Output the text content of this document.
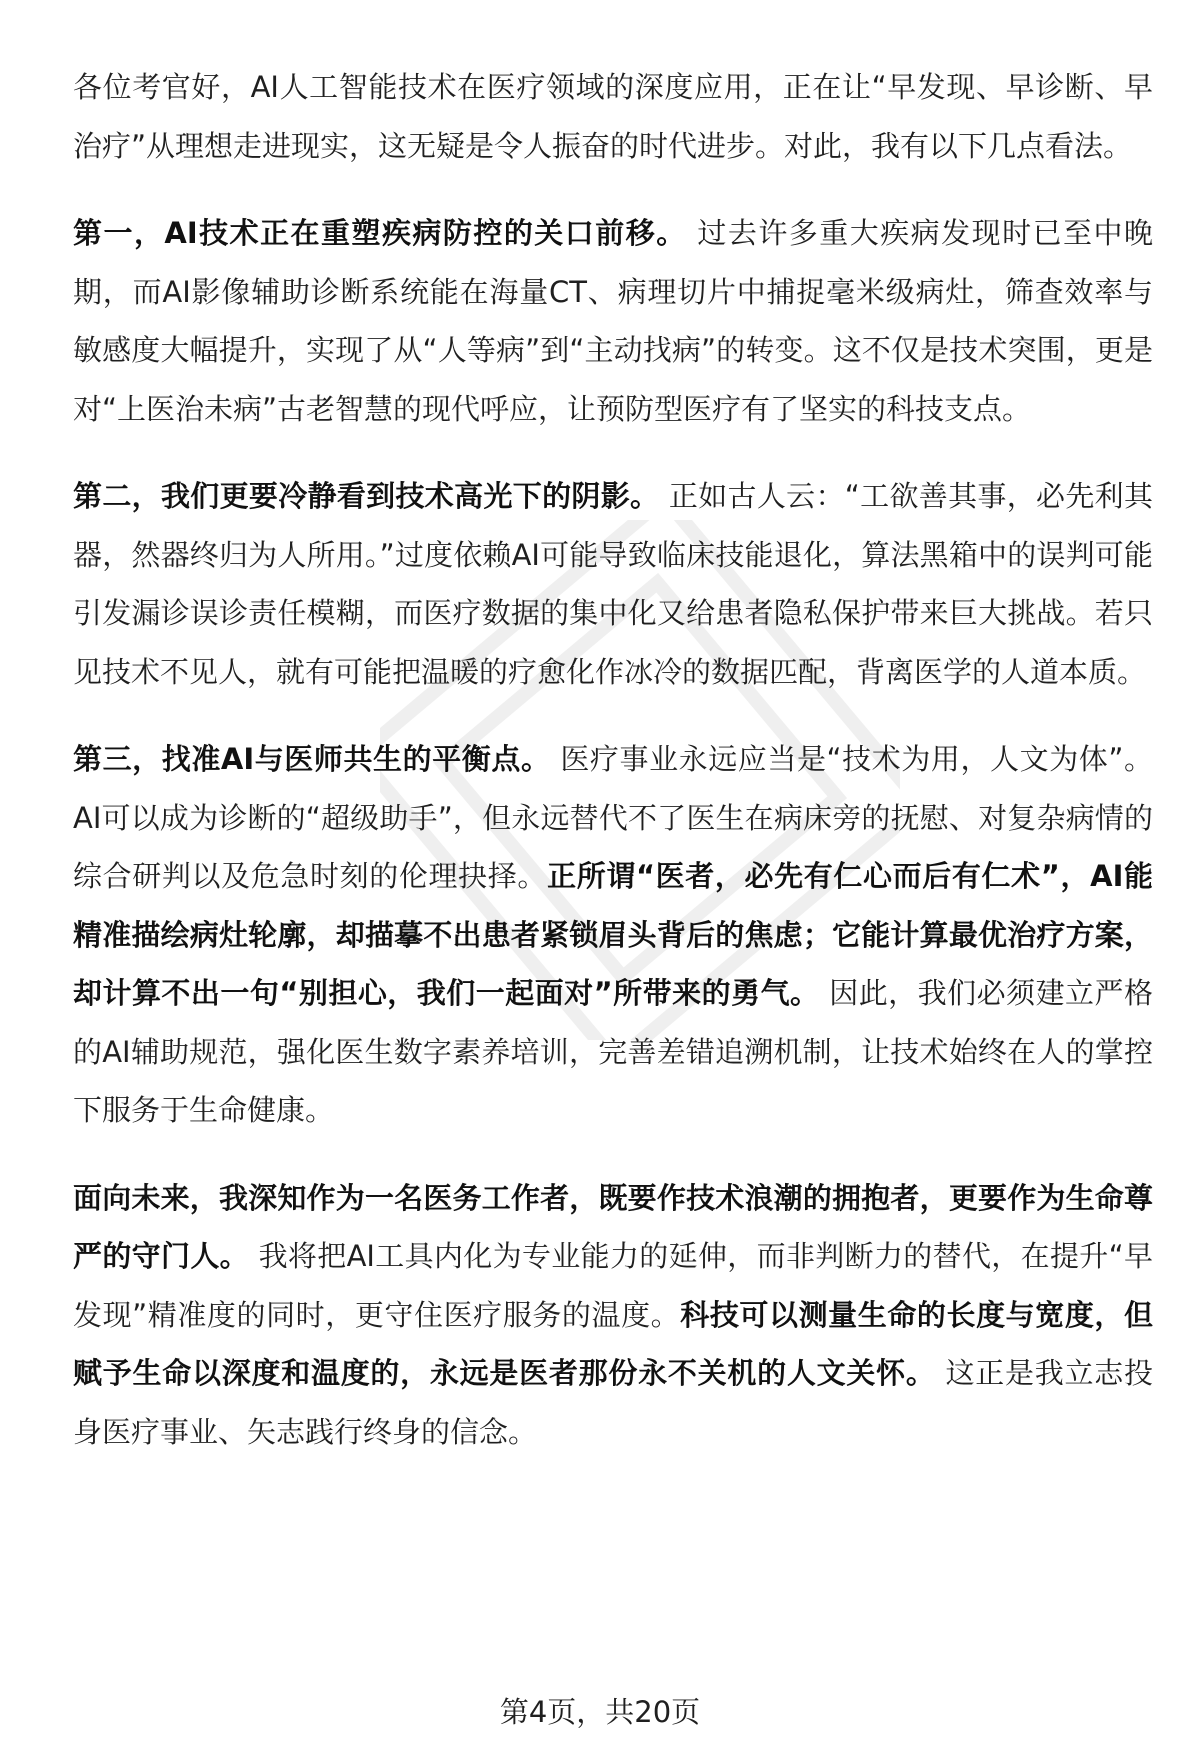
各位考官好，AI人工智能技术在医疗领域的深度应用，正在让“早发现、早诊断、早治疗”从理想走进现实，这无疑是令人振奋的时代进步。对此，我有以下几点看法。

第一，AI技术正在重塑疾病防控的关口前移。 过去许多重大疾病发现时已至中晚期，而AI影像辅助诊断系统能在海量CT、病理切片中捕捉毫米级病灶，筛查效率与敏感度大幅提升，实现了从“人等病”到“主动找病”的转变。这不仅是技术突围，更是对“上医治未病”古老智慧的现代呼应，让预防型医疗有了坚实的科技支点。

第二，我们更要冷静看到技术高光下的阴影。 正如古人云：“工欲善其事，必先利其器，然器终归为人所用。”过度依赖AI可能导致临床技能退化，算法黑箱中的误判可能引发漏诊误诊责任模糊，而医疗数据的集中化又给患者隐私保护带来巨大挑战。若只见技术不见人，就有可能把温暖的疗愈化作冰冷的数据匹配，背离医学的人道本质。

第三，找准AI与医师共生的平衡点。 医疗事业永远应当是“技术为用，人文为体”。AI可以成为诊断的“超级助手”，但永远替代不了医生在病床旁的抚慰、对复杂病情的综合研判以及危急时刻的伦理抉择。正所谓“医者，必先有仁心而后有仁术”，AI能精准描绘病灶轮廓，却描摹不出患者紧锁眉头背后的焦虑；它能计算最优治疗方案，却计算不出一句“别担心，我们一起面对”所带来的勇气。 因此，我们必须建立严格的AI辅助规范，强化医生数字素养培训，完善差错追溯机制，让技术始终在人的掌控下服务于生命健康。

面向未来，我深知作为一名医务工作者，既要作技术浪潮的拥抱者，更要作为生命尊严的守门人。 我将把AI工具内化为专业能力的延伸，而非判断力的替代，在提升“早发现”精准度的同时，更守住医疗服务的温度。科技可以测量生命的长度与宽度，但赋予生命以深度和温度的，永远是医者那份永不关机的人文关怀。 这正是我立志投身医疗事业、矢志践行终身的信念。

第4页，共20页
